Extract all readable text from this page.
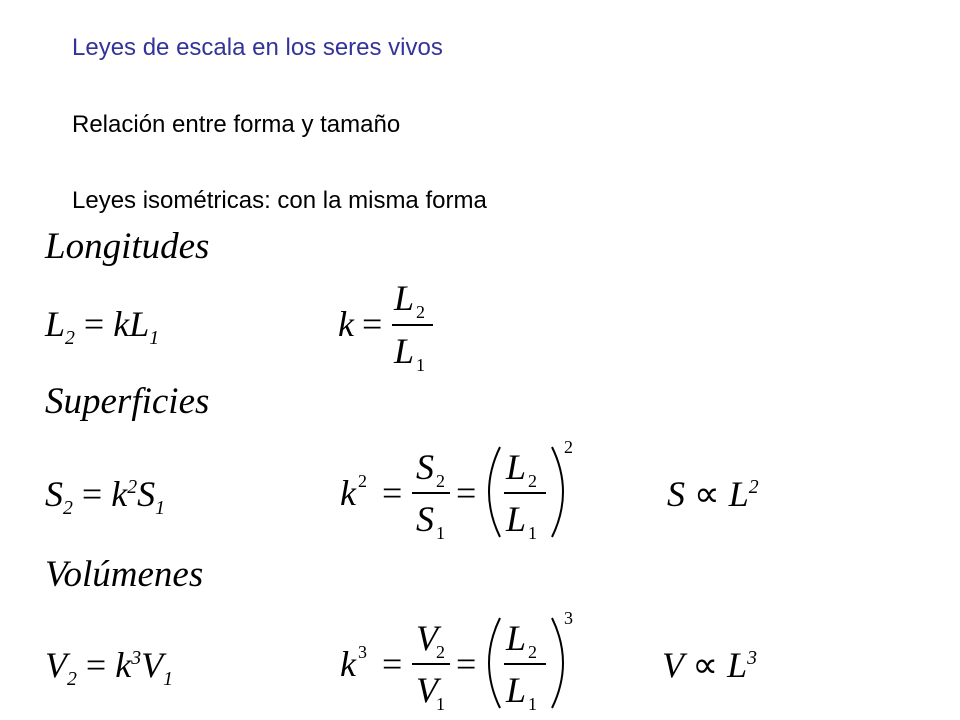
Leyes de escala en los seres vivos
Relación entre forma y tamaño
Leyes isométricas: con la misma forma
Longitudes
$L_2 = kL_1$	k =
L 2
L 1
Superficies
$S_2 = k^2S_1$	k 2 =
S 2
S 1
=
L 2
L 1
2
$S \propto L^2$
Volúmenes
$V_2 = k^3V_1$	k 3 =
V
2
V
1
=
L 2
L 1
3
$V \propto L^3$
